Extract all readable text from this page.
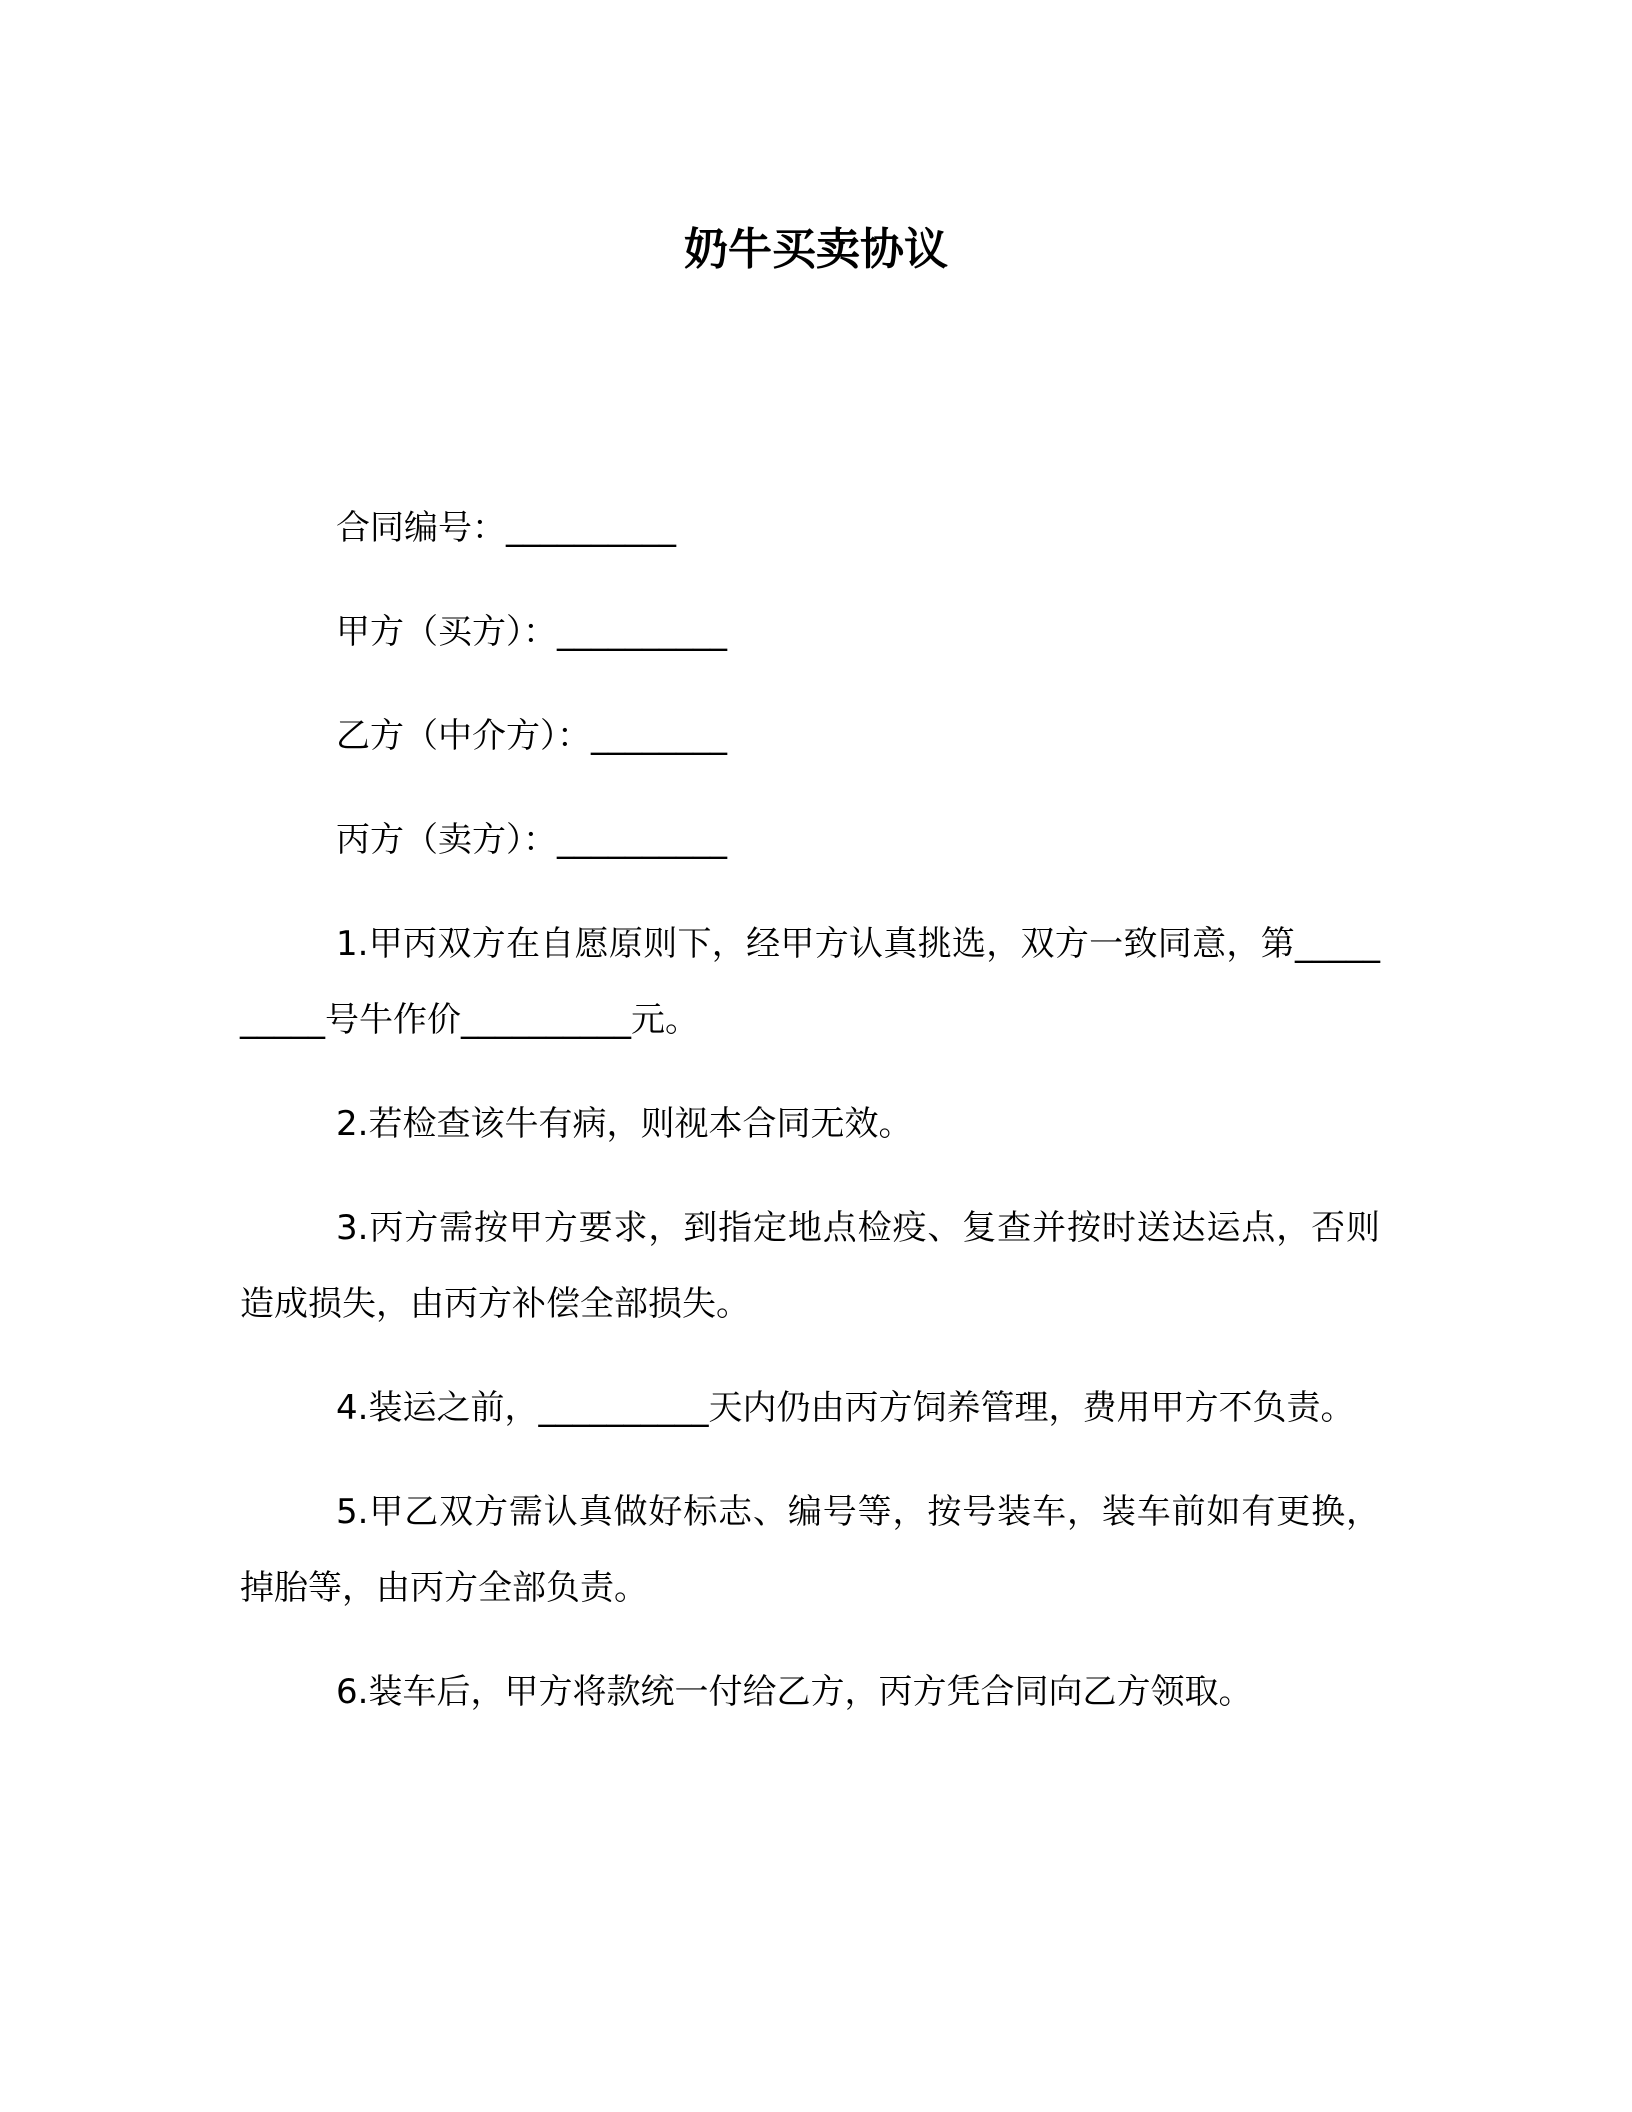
奶牛买卖协议

合同编号：__________

甲方（买方）：__________

乙方（中介方）：________

丙方（卖方）：__________

1.甲丙双方在自愿原则下，经甲方认真挑选，双方一致同意，第__________号牛作价__________元。

2.若检查该牛有病，则视本合同无效。

3.丙方需按甲方要求，到指定地点检疫、复查并按时送达运点，否则造成损失，由丙方补偿全部损失。

4.装运之前，__________天内仍由丙方饲养管理，费用甲方不负责。

5.甲乙双方需认真做好标志、编号等，按号装车，装车前如有更换，掉胎等，由丙方全部负责。

6.装车后，甲方将款统一付给乙方，丙方凭合同向乙方领取。
